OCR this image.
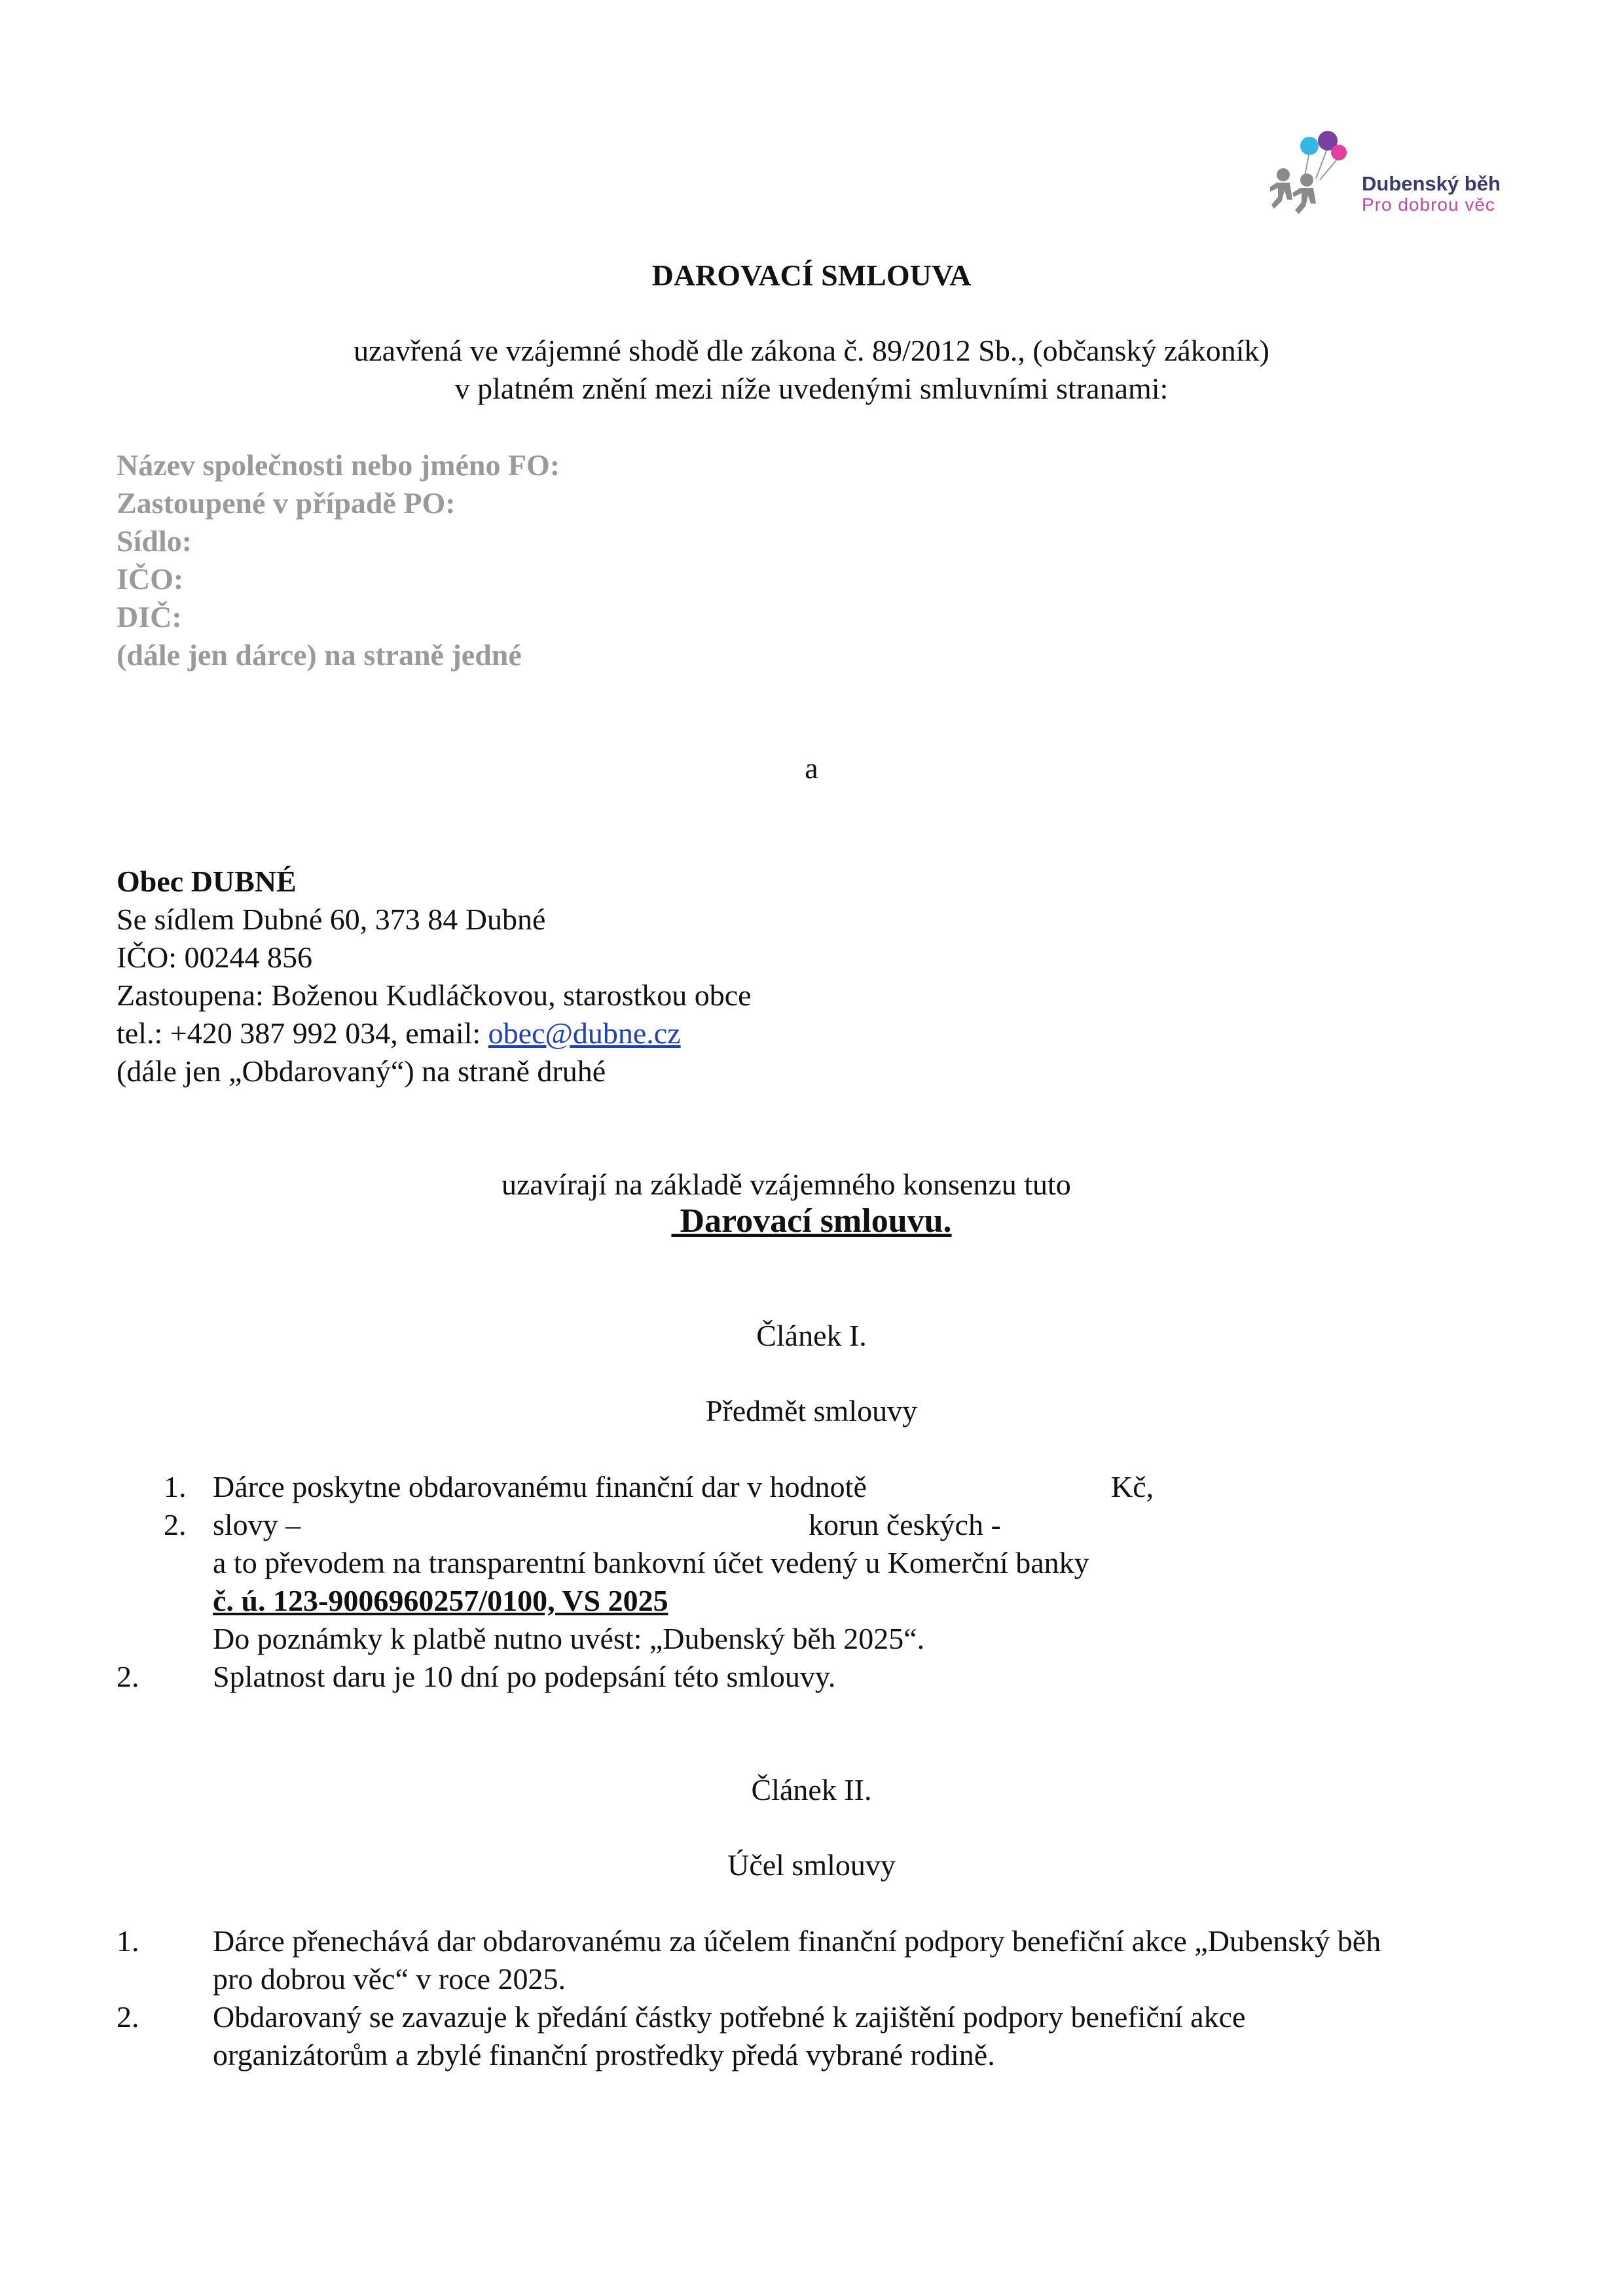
Dubenský běh
Pro dobrou věc
DAROVACÍ SMLOUVA
uzavřená ve vzájemné shodě dle zákona č. 89/2012 Sb., (občanský zákoník)
v platném znění mezi níže uvedenými smluvními stranami:
Název společnosti nebo jméno FO:
Zastoupené v případě PO:
Sídlo:
IČO:
DIČ:
(dále jen dárce) na straně jedné
a
Obec DUBNÉ
Se sídlem Dubné 60, 373 84 Dubné
IČO: 00244 856
Zastoupena: Boženou Kudláčkovou, starostkou obce
tel.: +420 387 992 034, email: obec@dubne.cz
(dále jen „Obdarovaný“) na straně druhé
uzavírají na základě vzájemného konsenzu tuto
Darovací smlouvu.
Článek I.
Předmět smlouvy
1. Dárce poskytne obdarovanému finanční dar v hodnotě	Kč,
2. slovy –	korun českých -
a to převodem na transparentní bankovní účet vedený u Komerční banky
č. ú. 123-9006960257/0100, VS 2025
Do poznámky k platbě nutno uvést: „Dubenský běh 2025“.
2. Splatnost daru je 10 dní po podepsání této smlouvy.
Článek II.
Účel smlouvy
1. Dárce přenechává dar obdarovanému za účelem finanční podpory benefiční akce „Dubenský běh
pro dobrou věc“ v roce 2025.
2. Obdarovaný se zavazuje k předání částky potřebné k zajištění podpory benefiční akce
organizátorům a zbylé finanční prostředky předá vybrané rodině.
